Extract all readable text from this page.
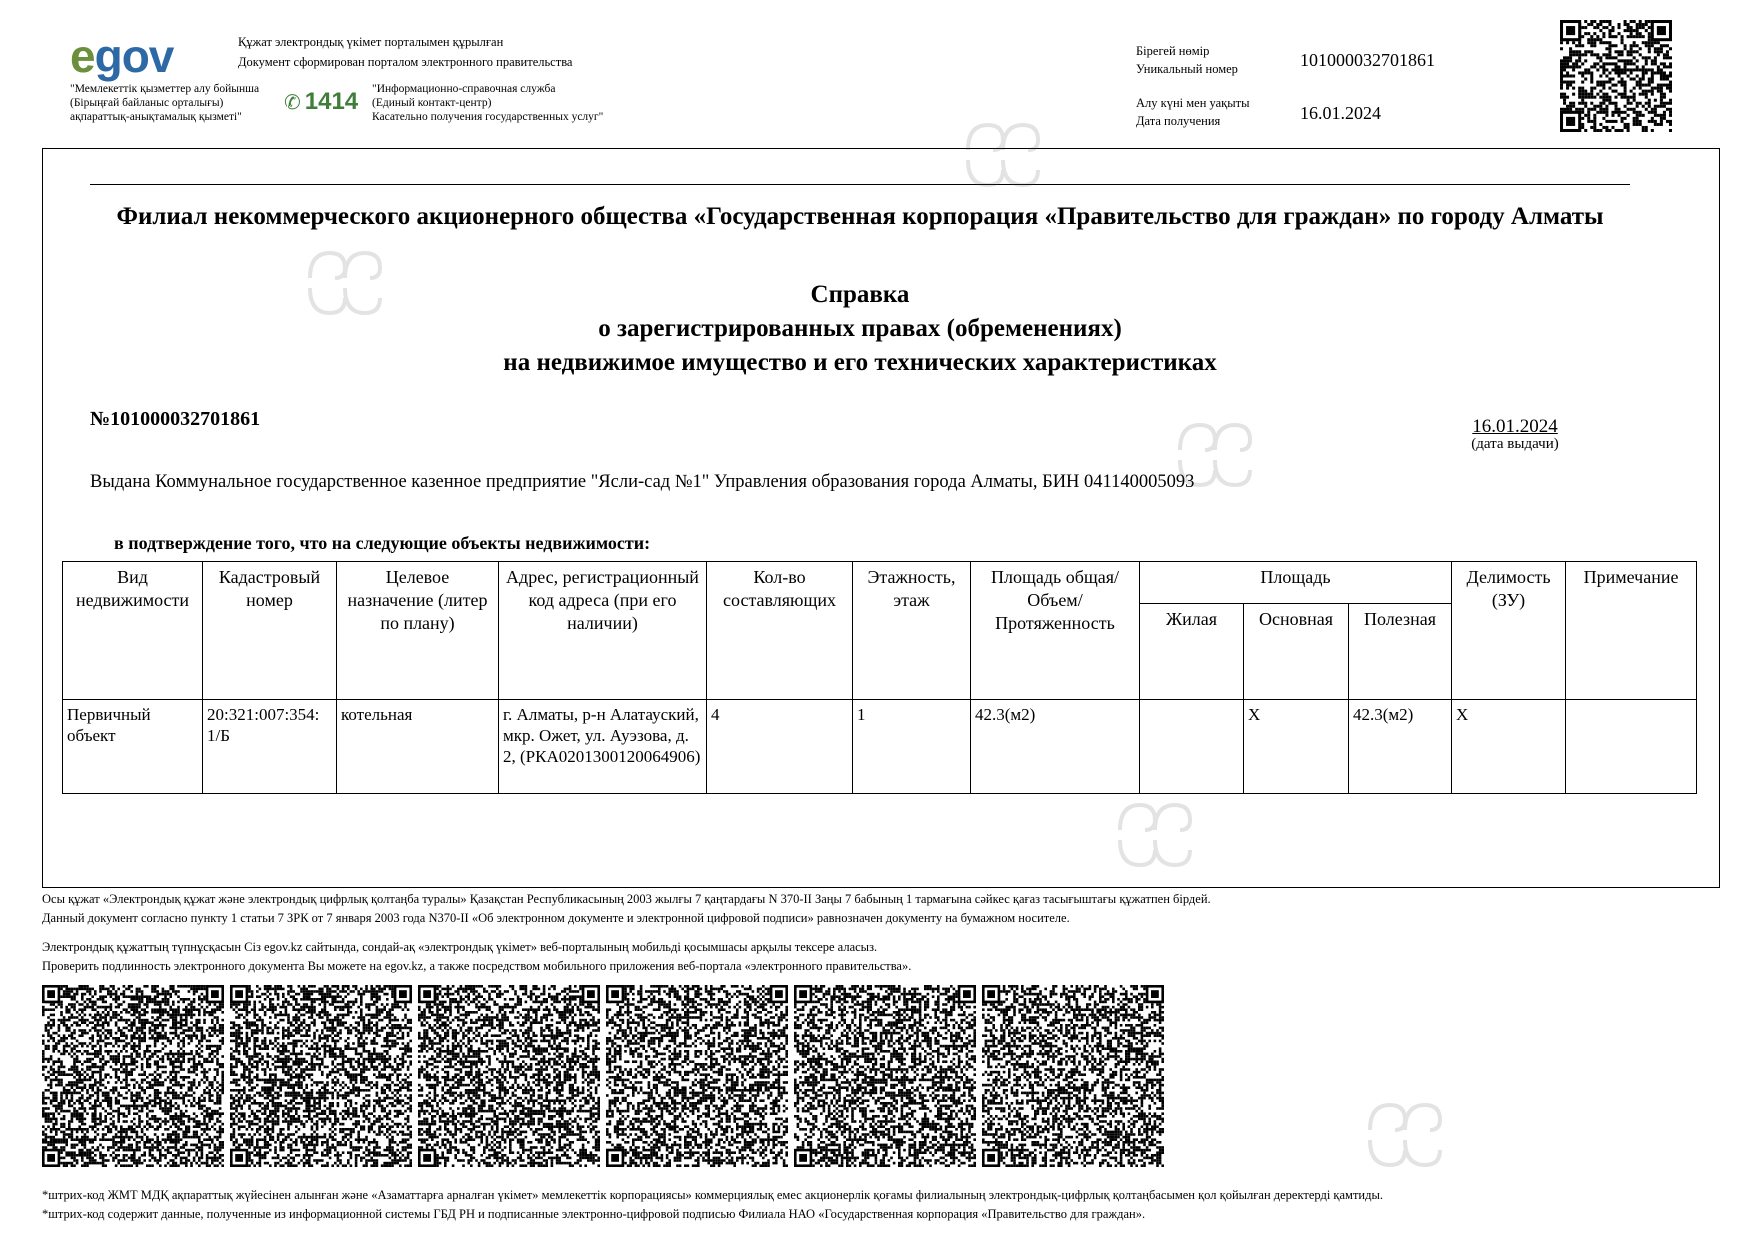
egov	Құжат электрондық үкімет порталымен құрылған
Документ сформирован порталом электронного правительства
"Мемлекеттік қызметтер алу бойынша
(Бірыңғай байланыс орталығы)
ақпараттық-анықтамалық қызметі"
✆ 1414 "Информационно-справочная служба
(Единый контакт-центр)
Касательно получения государственных услуг"
Бірегей нөмір
Уникальный номер	101000032701861
Алу күні мен уақыты
Дата получения	16.01.2024
Филиал некоммерческого акционерного общества «Государственная корпорация «Правительство для граждан» по городу Алматы
Справка
о зарегистрированных правах (обременениях)
на недвижимое имущество и его технических характеристиках
№101000032701861	16.01.2024
(дата выдачи)
Выдана Коммунальное государственное казенное предприятие "Ясли-сад №1" Управления образования города Алматы, БИН 041140005093
в подтверждение того, что на следующие объекты недвижимости:
Вид недвижимости	Кадастровый номер	Целевое назначение (литер по плану)	Адрес, регистрационный код адреса (при его наличии)	Кол-во составляющих	Этажность, этаж	Площадь общая/ Объем/ Протяженность	Площадь			Делимость (ЗУ)	Примечание
							Жилая	Основная	Полезная		
Первичный объект	20:321:007:354:1/Б	котельная	г. Алматы, р-н Алатауский, мкр. Ожет, ул. Ауэзова, д. 2, (РКА0201300120064906)	4	1	42.3(м2)		X	42.3(м2)	X	
Осы құжат «Электрондық құжат және электрондық цифрлық қолтаңба туралы» Қазақстан Республикасының 2003 жылғы 7 қаңтардағы N 370-II Заңы 7 бабының 1 тармағына сәйкес қағаз тасығыштағы құжатпен бірдей.
Данный документ согласно пункту 1 статьи 7 ЗРК от 7 января 2003 года N370-II «Об электронном документе и электронной цифровой подписи» равнозначен документу на бумажном носителе.
Электрондық құжаттың түпнұсқасын Сіз egov.kz сайтында, сондай-ақ «электрондық үкімет» веб-порталының мобильді қосымшасы арқылы тексере аласыз.
Проверить подлинность электронного документа Вы можете на egov.kz, а также посредством мобильного приложения веб-портала «электронного правительства».
*штрих-код ЖМТ МДҚ ақпараттық жүйесінен алынған және «Азаматтарға арналған үкімет» мемлекеттік корпорациясы» коммерциялық емес акционерлік қоғамы филиалының электрондық-цифрлық қолтаңбасымен қол қойылған деректерді қамтиды.
*штрих-код содержит данные, полученные из информационной системы ГБД РН и подписанные электронно-цифровой подписью Филиала НАО «Государственная корпорация «Правительство для граждан».
